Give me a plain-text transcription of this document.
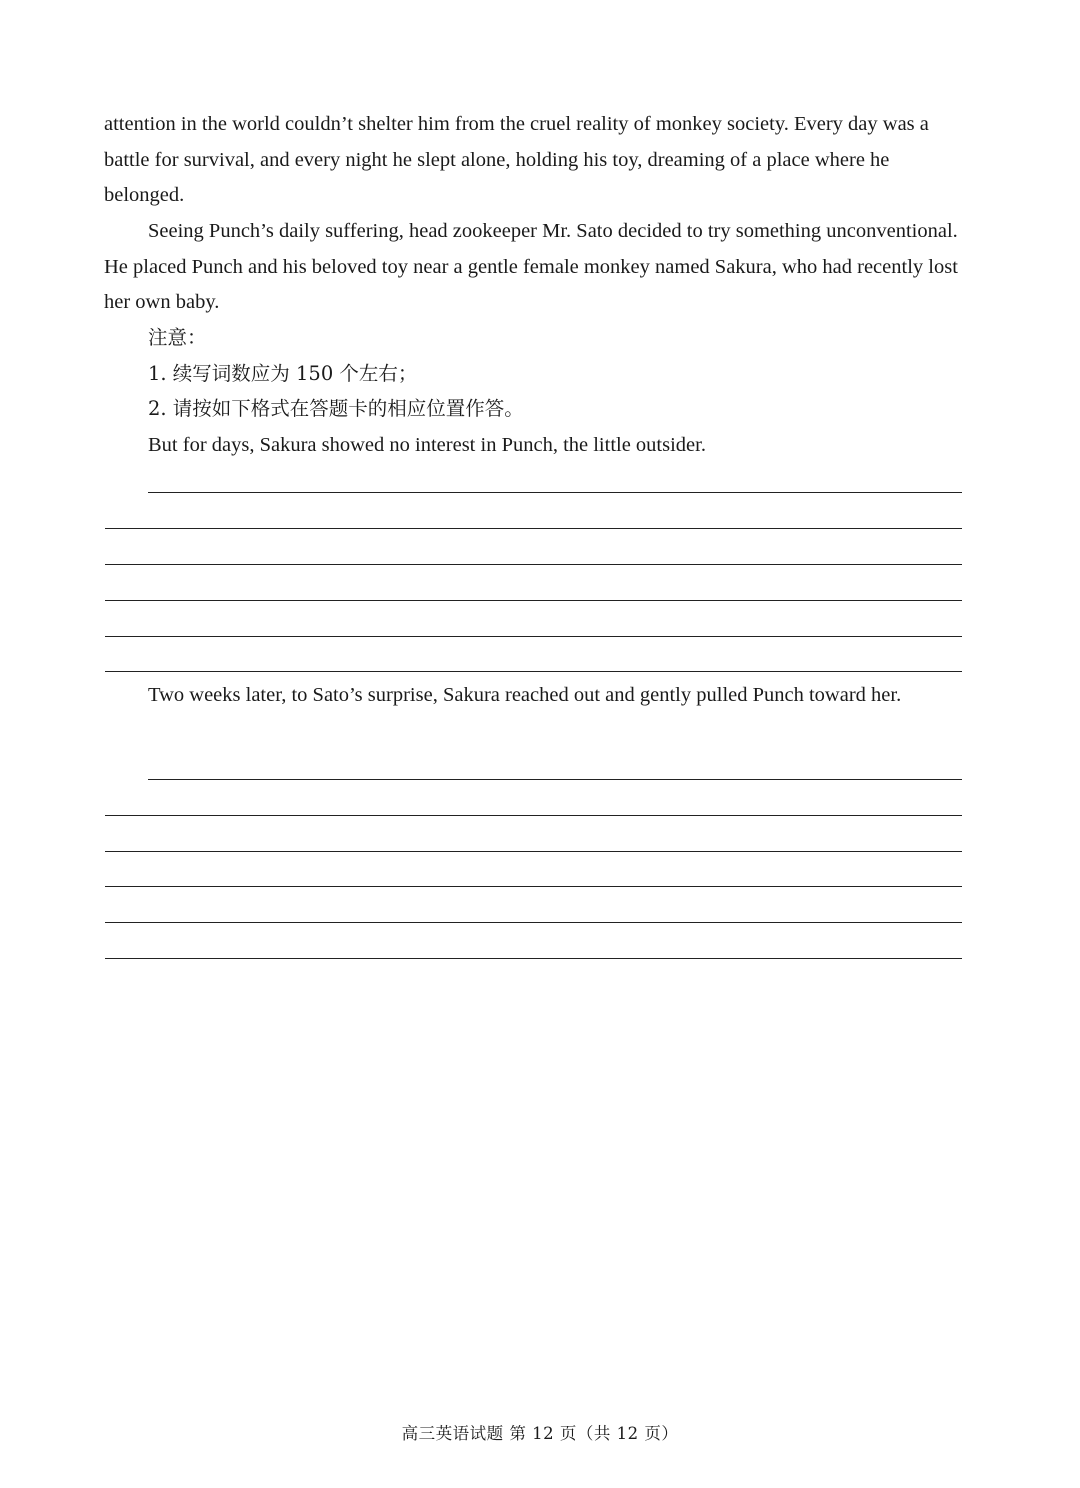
attention in the world couldn’t shelter him from the cruel reality of monkey society. Every day was a battle for survival, and every night he slept alone, holding his toy, dreaming of a place where he belonged.

Seeing Punch’s daily suffering, head zookeeper Mr. Sato decided to try something unconventional. He placed Punch and his beloved toy near a gentle female monkey named Sakura, who had recently lost her own baby.

注意：

1. 续写词数应为 150 个左右；

2. 请按如下格式在答题卡的相应位置作答。

But for days, Sakura showed no interest in Punch, the little outsider.

Two weeks later, to Sato’s surprise, Sakura reached out and gently pulled Punch toward her.

高三英语试题 第 12 页（共 12 页）
